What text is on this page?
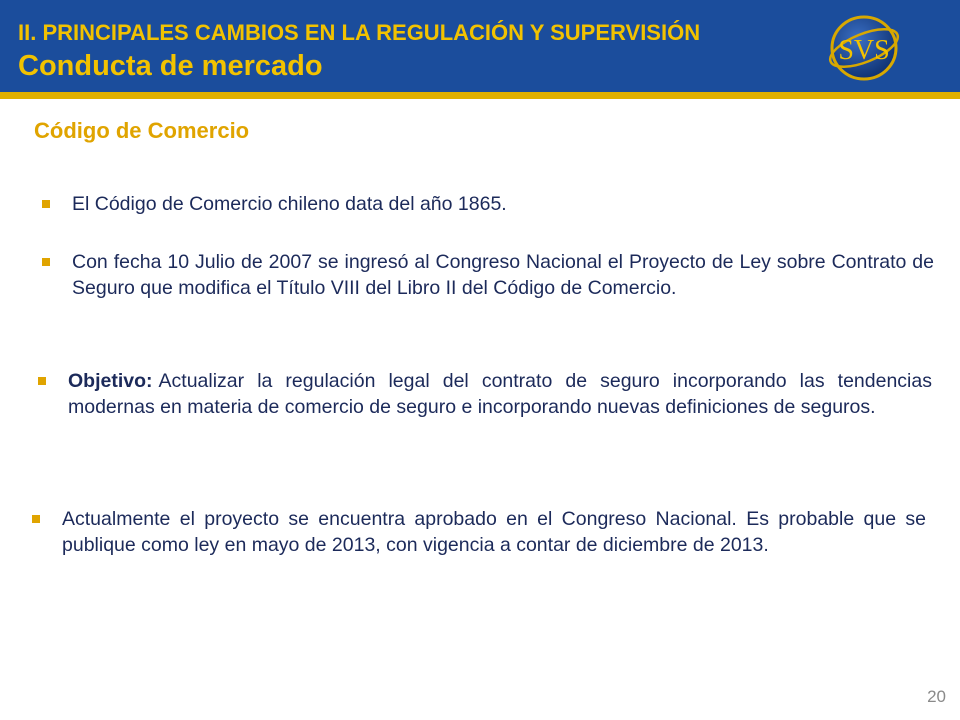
II. PRINCIPALES CAMBIOS EN LA REGULACIÓN Y SUPERVISIÓN
Conducta de mercado	SVS
Código de Comercio
El Código de Comercio chileno data del año 1865.
Con fecha 10 Julio de 2007 se ingresó al Congreso Nacional el Proyecto de Ley sobre Contrato de Seguro que modifica el Título VIII del Libro II del Código de Comercio.
Objetivo: Actualizar la regulación legal del contrato de seguro incorporando las tendencias modernas en materia de comercio de seguro e incorporando nuevas definiciones de seguros.
Actualmente el proyecto se encuentra aprobado en el Congreso Nacional. Es probable que se publique como ley en mayo de 2013, con vigencia a contar de diciembre de 2013.
20
